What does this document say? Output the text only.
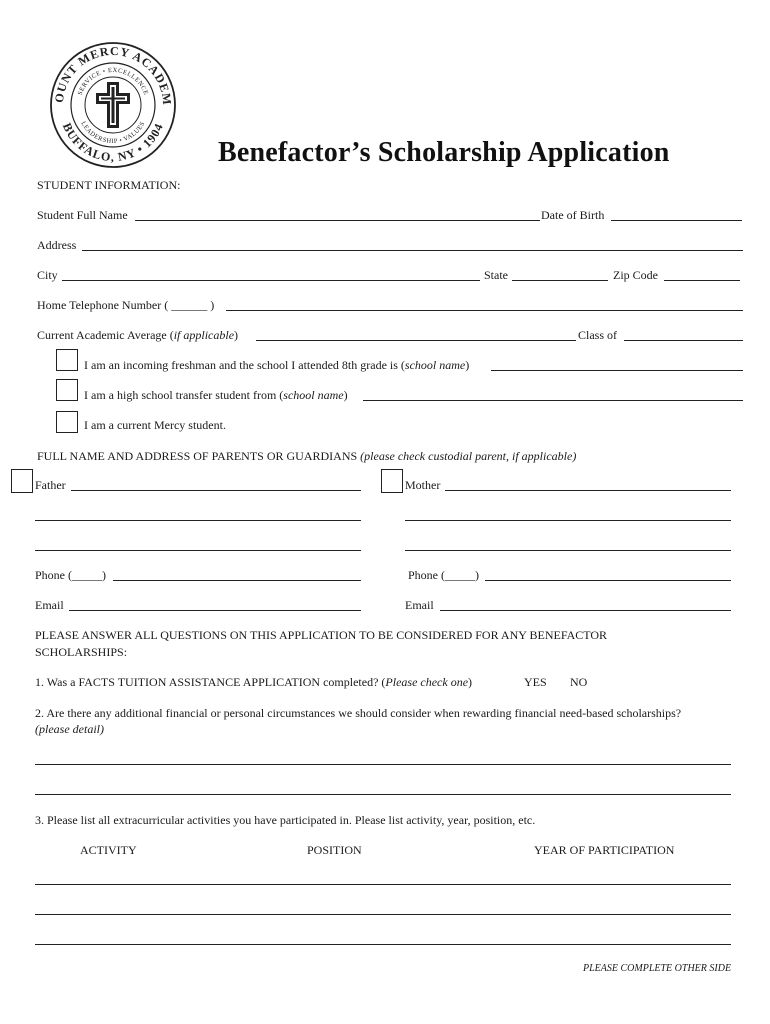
OUNT MERCY ACADEM
BUFFALO, NY • 1904
SERVICE • EXCELLENCE
LEADERSHIP • VALUES
Benefactor’s Scholarship Application
STUDENT INFORMATION:
Student Full Name	Date of Birth
Address
City	State	Zip Code
Home Telephone Number ( ______ )
Current Academic Average (if applicable)	Class of
I am an incoming freshman and the school I attended 8th grade is (school name)
I am a high school transfer student from (school name)
I am a current Mercy student.
FULL NAME AND ADDRESS OF PARENTS OR GUARDIANS (please check custodial parent, if applicable)
Father	Mother
Phone (_____)	Phone (_____)
Email	Email
PLEASE ANSWER ALL QUESTIONS ON THIS APPLICATION TO BE CONSIDERED FOR ANY BENEFACTOR
SCHOLARSHIPS:
1. Was a FACTS TUITION ASSISTANCE APPLICATION completed? (Please check one)	YES NO
2. Are there any additional financial or personal circumstances we should consider when rewarding financial need-based scholarships?
(please detail)
3. Please list all extracurricular activities you have participated in. Please list activity, year, position, etc.
ACTIVITY	POSITION	YEAR OF PARTICIPATION
PLEASE COMPLETE OTHER SIDE
